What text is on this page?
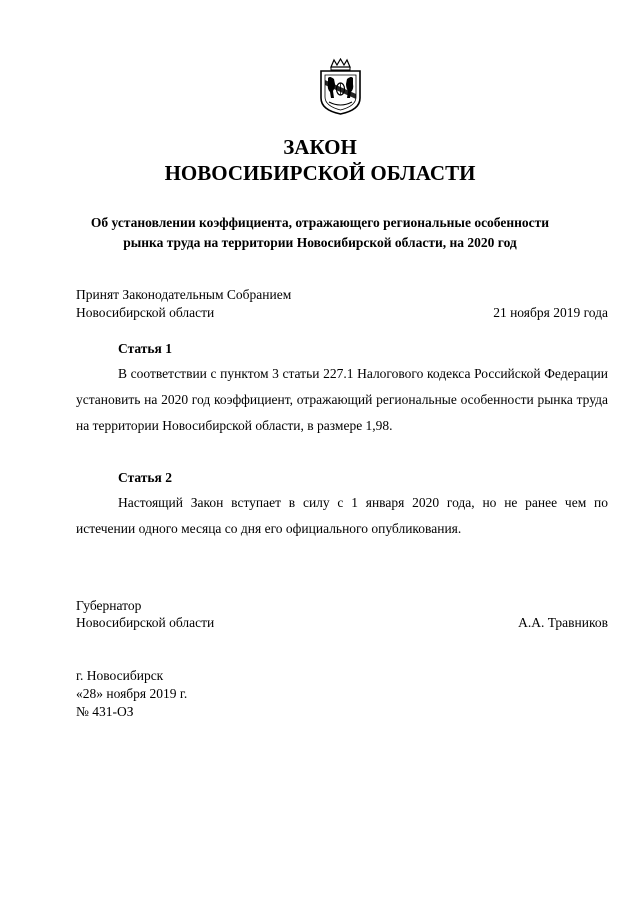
ЗАКОН
НОВОСИБИРСКОЙ ОБЛАСТИ
Об установлении коэффициента, отражающего региональные особенности
рынка труда на территории Новосибирской области, на 2020 год
Принят Законодательным Собранием
Новосибирской области	21 ноября 2019 года
Статья 1

В соответствии с пунктом 3 статьи 227.1 Налогового кодекса Российской Федерации установить на 2020 год коэффициент, отражающий региональные особенности рынка труда на территории Новосибирской области, в размере 1,98.

Статья 2

Настоящий Закон вступает в силу с 1 января 2020 года, но не ранее чем по истечении одного месяца со дня его официального опубликования.

Губернатор
Новосибирской области	А.А. Травников
г. Новосибирск
«28» ноября 2019 г.
№ 431-ОЗ
